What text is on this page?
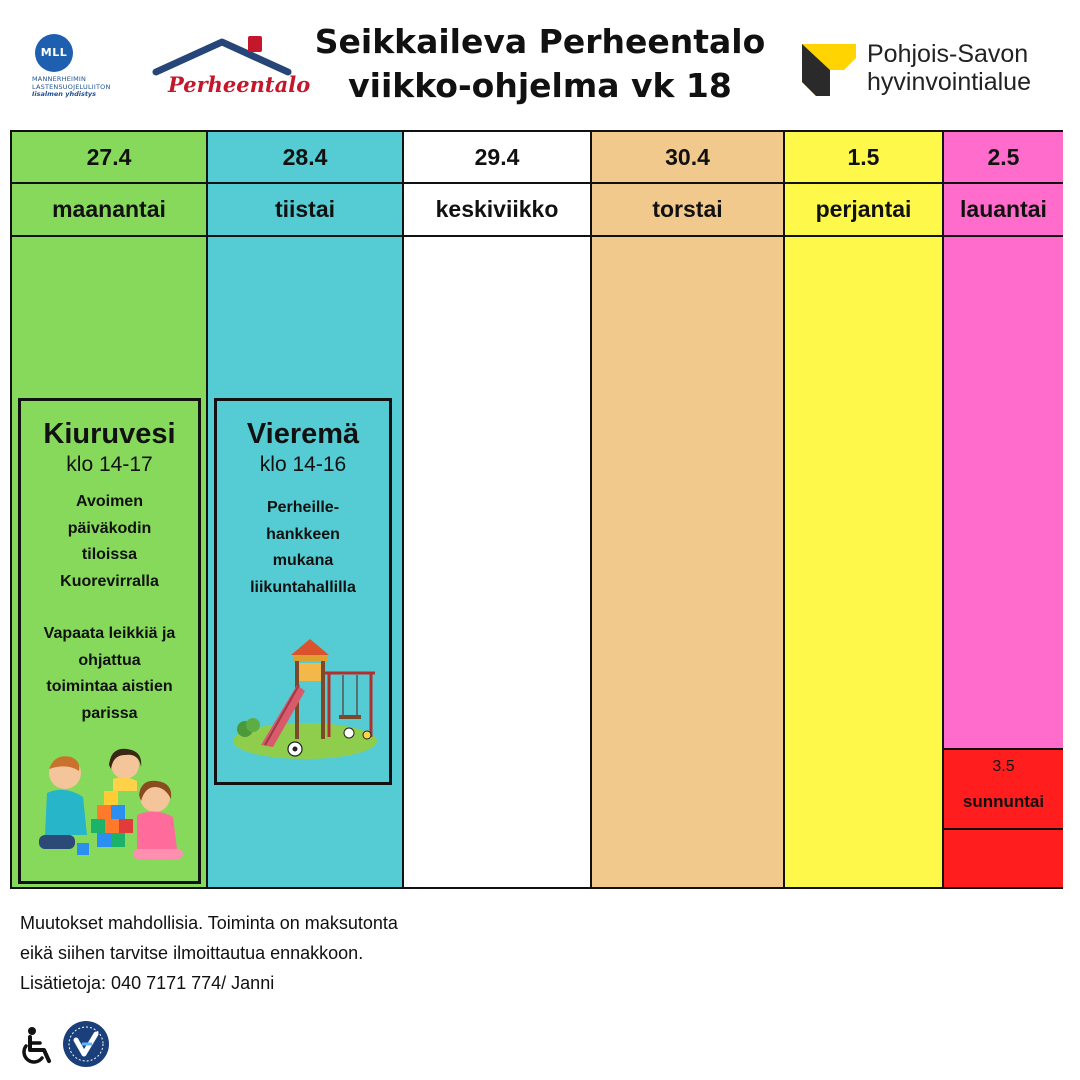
MLL
MANNERHEIMIN
LASTENSUOJELULIITON
Iisalmen yhdistys	Perheentalo
Seikkaileva Perheentalo
viikko-ohjelma vk 18
Pohjois-Savon
hyvinvointialue
27.4
maanantai
Kiuruvesi
klo 14-17
Avoimen
päiväkodin
tiloissa
Kuorevirralla
Vapaata leikkiä ja
ohjattua
toimintaa aistien
parissa
28.4
tiistai
Vieremä
klo 14-16
Perheille-
hankkeen
mukana
liikuntahallilla
29.4
keskiviikko
30.4
torstai
1.5
perjantai
2.5
lauantai
3.5
sunnuntai
Muutokset mahdollisia. Toiminta on maksutonta
eikä siihen tarvitse ilmoittautua ennakkoon.
Lisätietoja: 040 7171 774/ Janni
